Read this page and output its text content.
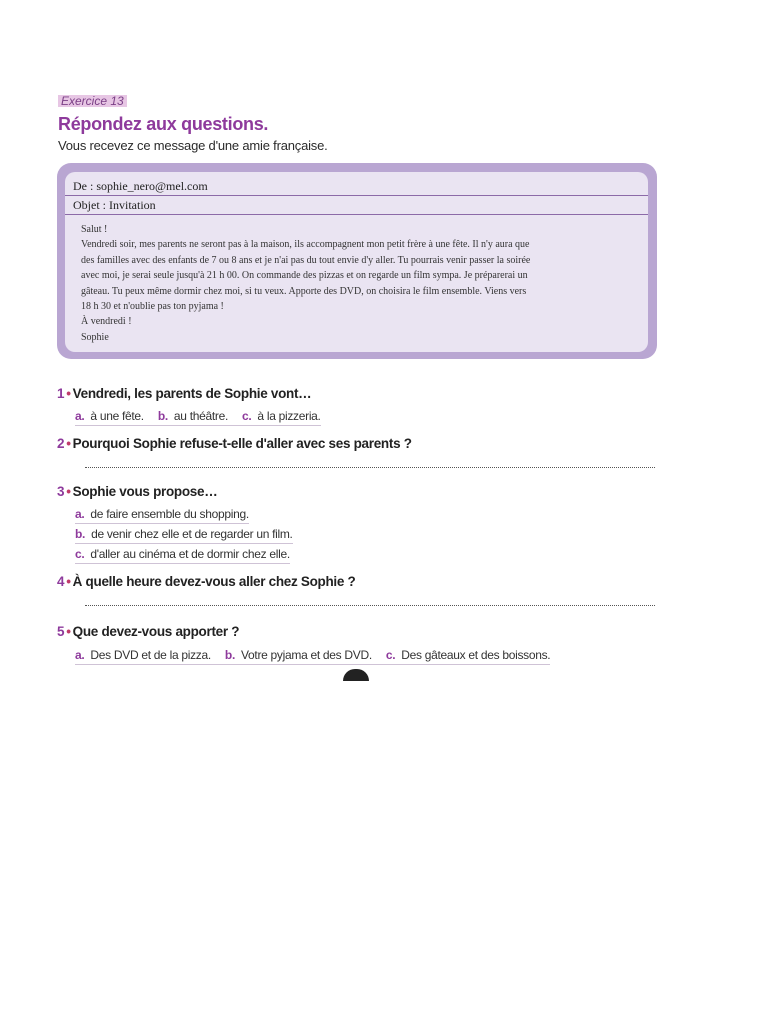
Exercice 13
Répondez aux questions.
Vous recevez ce message d'une amie française.
De : sophie_nero@mel.com
Objet : Invitation
Salut !
Vendredi soir, mes parents ne seront pas à la maison, ils accompagnent mon petit frère à une fête. Il n'y aura que
des familles avec des enfants de 7 ou 8 ans et je n'ai pas du tout envie d'y aller. Tu pourrais venir passer la soirée
avec moi, je serai seule jusqu'à 21 h 00. On commande des pizzas et on regarde un film sympa. Je préparerai un
gâteau. Tu peux même dormir chez moi, si tu veux. Apporte des DVD, on choisira le film ensemble. Viens vers
18 h 30 et n'oublie pas ton pyjama !
À vendredi !
Sophie
1 • Vendredi, les parents de Sophie vont…
a. à une fête. b. au théâtre. c. à la pizzeria.
2 • Pourquoi Sophie refuse-t-elle d'aller avec ses parents ?
3 • Sophie vous propose…
a. de faire ensemble du shopping.
b. de venir chez elle et de regarder un film.
c. d'aller au cinéma et de dormir chez elle.
4 • À quelle heure devez-vous aller chez Sophie ?
5 • Que devez-vous apporter ?
a. Des DVD et de la pizza. b. Votre pyjama et des DVD. c. Des gâteaux et des boissons.
